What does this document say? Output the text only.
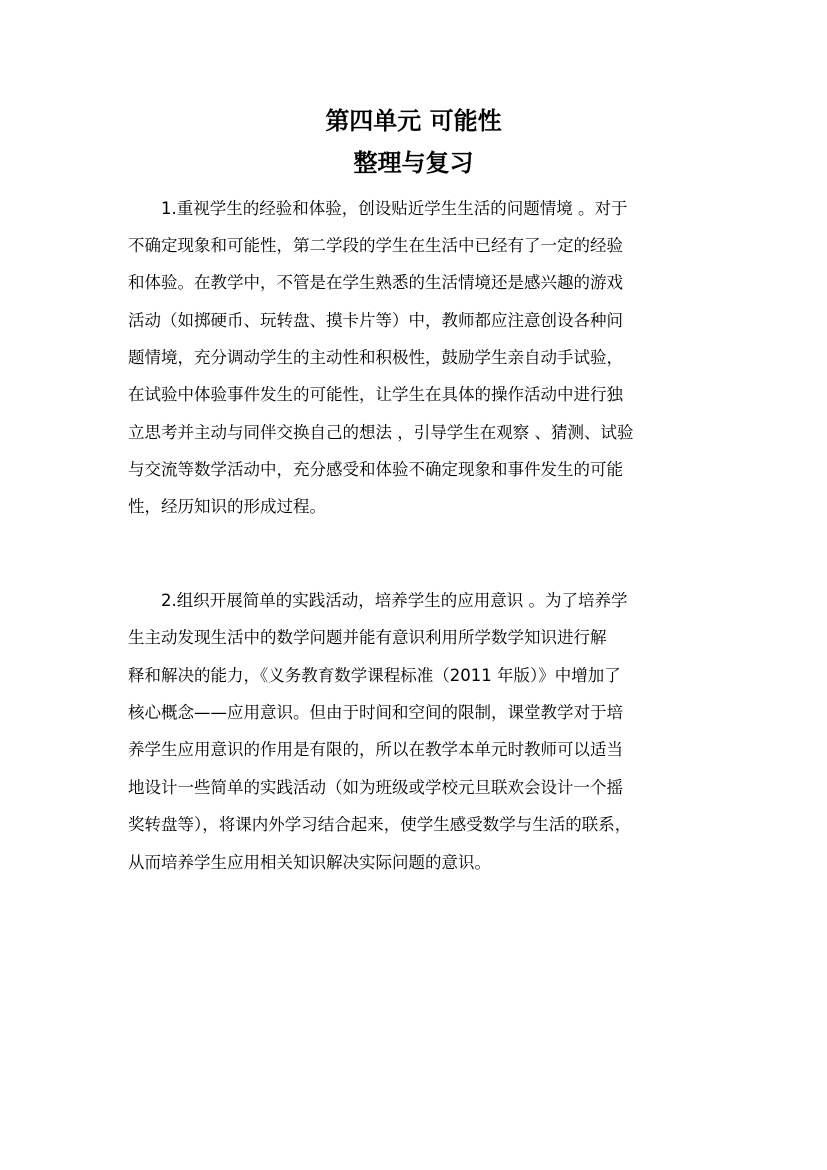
第四单元 可能性
整理与复习
1.重视学生的经验和体验，创设贴近学生生活的问题情境 。对于
不确定现象和可能性，第二学段的学生在生活中已经有了一定的经验
和体验。在教学中，不管是在学生熟悉的生活情境还是感兴趣的游戏
活动（如掷硬币、玩转盘、摸卡片等）中，教师都应注意创设各种问
题情境，充分调动学生的主动性和积极性，鼓励学生亲自动手试验，
在试验中体验事件发生的可能性，让学生在具体的操作活动中进行独
立思考并主动与同伴交换自己的想法 ，引导学生在观察 、猜测、试验
与交流等数学活动中，充分感受和体验不确定现象和事件发生的可能
性，经历知识的形成过程。
2.组织开展简单的实践活动，培养学生的应用意识 。为了培养学
生主动发现生活中的数学问题并能有意识利用所学数学知识进行解
释和解决的能力，《义务教育数学课程标准（2011 年版）》中增加了
核心概念——应用意识。但由于时间和空间的限制，课堂教学对于培
养学生应用意识的作用是有限的，所以在教学本单元时教师可以适当
地设计一些简单的实践活动（如为班级或学校元旦联欢会设计一个摇
奖转盘等），将课内外学习结合起来，使学生感受数学与生活的联系，
从而培养学生应用相关知识解决实际问题的意识。
